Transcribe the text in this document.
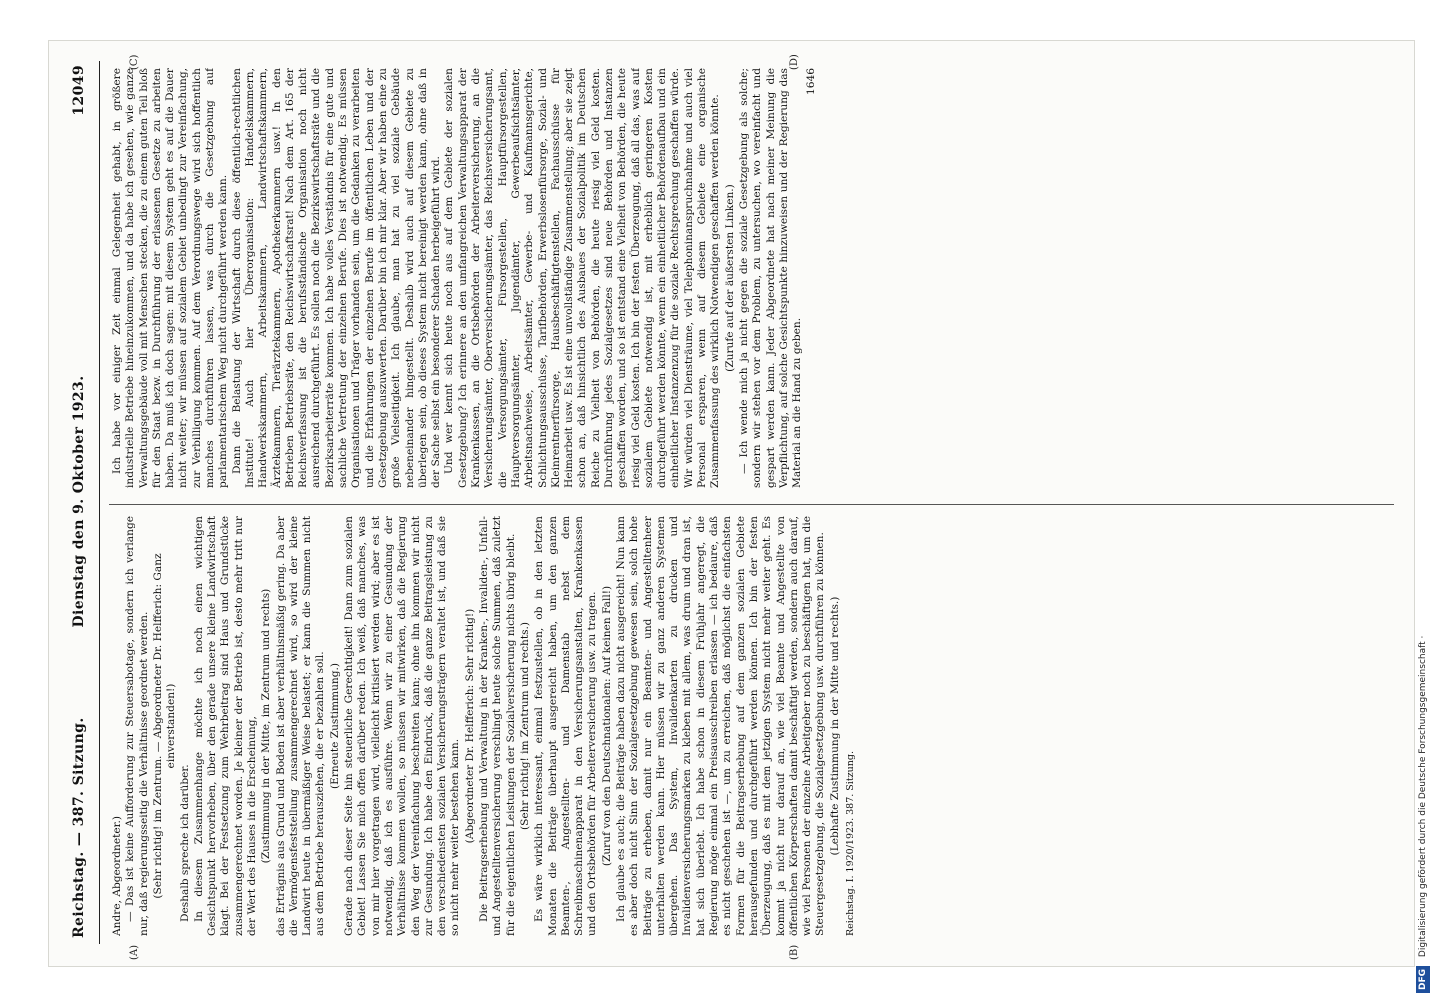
Reichstag. — 387. Sitzung.
Dienstag den 9. Oktober 1923.
12049
(A)	(B)
(C)	(D)

Andre, Abgeordneter.) — Das ist keine Aufforderung zur Steuersabotage, sondern ich verlange nur, daß regierungsseitig die Verhältnisse geordnet werden. (Sehr richtig! im Zentrum. — Abgeordneter Dr. Helfferich: Ganz einverstanden!)

Deshalb spreche ich darüber. In diesem Zusammenhange möchte ich noch einen wichtigen Gesichtspunkt hervorheben, über den gerade unsere kleine Landwirtschaft klagt. Bei der Festsetzung zum Wehrbeitrag sind Haus und Grundstücke zusammengerechnet worden. Je kleiner der Betrieb ist, desto mehr tritt nur der Wert des Hauses in die Erscheinung, (Zustimmung in der Mitte, im Zentrum und rechts) das Erträgnis aus Grund und Boden ist aber verhältnismäßig gering. Da aber die Vermögensfeststellung zusammengerechnet wird, so wird der kleine Landwirt heute in übermäßiger Weise belastet; er kann die Summen nicht aus dem Betriebe herausziehen, die er bezahlen soll. (Erneute Zustimmung.) Gerade nach dieser Seite hin steuerliche Gerechtigkeit! Dann zum sozialen Gebiet! Lassen Sie mich offen darüber reden. Ich weiß, daß manches, was von mir hier vorgetragen wird, vielleicht kritisiert werden wird; aber es ist notwendig, daß ich es ausführe. Wenn wir zu einer Gesundung der Verhältnisse kommen wollen, so müssen wir mitwirken, daß die Regierung den Weg der Vereinfachung beschreiten kann; ohne ihn kommen wir nicht zur Gesundung. Ich habe den Eindruck, daß die ganze Beitragsleistung zu den verschiedensten sozialen Versicherungsträgern veraltet ist, und daß sie so nicht mehr weiter bestehen kann. (Abgeordneter Dr. Helfferich: Sehr richtig!) Die Beitragserhebung und Verwaltung in der Kranken-, Invaliden-, Unfall- und Angestelltenversicherung verschlingt heute solche Summen, daß zuletzt für die eigentlichen Leistungen der Sozialversicherung nichts übrig bleibt. (Sehr richtig! im Zentrum und rechts.) Es wäre wirklich interessant, einmal festzustellen, ob in den letzten Monaten die Beiträge überhaupt ausgereicht haben, um den ganzen Beamten-, Angestellten- und Damenstab nebst dem Schreibmaschinenapparat in den Versicherungsanstalten, Krankenkassen und den Ortsbehörden für Arbeiterversicherung usw. zu tragen. (Zuruf von den Deutschnationalen: Auf keinen Fall!) Ich glaube es auch; die Beiträge haben dazu nicht ausgereicht! Nun kann es aber doch nicht Sinn der Sozialgesetzgebung gewesen sein, solch hohe Beiträge zu erheben, damit nur ein Beamten- und Angestelltenheer unterhalten werden kann. Hier müssen wir zu ganz anderen Systemen übergehen. Das System, Invalidenkarten zu drucken und Invalidenversicherungsmarken zu kleben mit allem, was drum und dran ist, hat sich überlebt. Ich habe schon in diesem Frühjahr angeregt, die Regierung möge einmal ein Preisausschreiben erlassen — ich bedaure, daß es nicht geschehen ist —, um zu erreichen, daß möglichst die einfachsten Formen für die Beitragserhebung auf dem ganzen sozialen Gebiete herausgefunden und durchgeführt werden können. Ich bin der festen Überzeugung, daß es mit dem jetzigen System nicht mehr weiter geht. Es kommt ja nicht nur darauf an, wie viel Beamte und Angestellte von öffentlichen Körperschaften damit beschäftigt werden, sondern auch darauf, wie viel Personen der einzelne Arbeitgeber noch zu beschäftigen hat, um die Steuergesetzgebung, die Sozialgesetzgebung usw. durchführen zu können. (Lebhafte Zustimmung in der Mitte und rechts.) Reichstag. I. 1920/1923. 387. Sitzung.

Ich habe vor einiger Zeit einmal Gelegenheit gehabt, in größere industrielle Betriebe hineinzukommen, und da habe ich gesehen, wie ganze Verwaltungsgebäude voll mit Menschen stecken, die zu einem guten Teil bloß für den Staat bezw. in Durchführung der erlassenen Gesetze zu arbeiten haben. Da muß ich doch sagen: mit diesem System geht es auf die Dauer nicht weiter; wir müssen auf sozialem Gebiet unbedingt zur Vereinfachung, zur Verbilligung kommen. Auf dem Verordnungswege wird sich hoffentlich manches durchführen lassen, was durch die Gesetzgebung auf parlamentarischem Weg nicht durchgeführt werden kann. Dann die Belastung der Wirtschaft durch diese öffentlich-rechtlichen Institute! Auch hier Überorganisation: Handelskammern, Handwerkskammern, Arbeitskammern, Landwirtschaftskammern, Ärztekammern, Tierärztekammern, Apothekerkammern usw.! In den Betrieben Betriebsräte, den Reichswirtschaftsrat! Nach dem Art. 165 der Reichsverfassung ist die berufsständische Organisation noch nicht ausreichend durchgeführt. Es sollen noch die Bezirkswirtschaftsräte und die Bezirksarbeiterräte kommen. Ich habe volles Verständnis für eine gute und sachliche Vertretung der einzelnen Berufe. Dies ist notwendig. Es müssen Organisationen und Träger vorhanden sein, um die Gedanken zu verarbeiten und die Erfahrungen der einzelnen Berufe im öffentlichen Leben und der Gesetzgebung auszuwerten. Darüber bin ich mir klar. Aber wir haben eine zu große Vielseitigkeit. Ich glaube, man hat zu viel soziale Gebäude nebeneinander hingestellt. Deshalb wird auch auf diesem Gebiete zu überlegen sein, ob dieses System nicht bereinigt werden kann, ohne daß in der Sache selbst ein besonderer Schaden herbeigeführt wird. Und wer kennt sich heute noch aus auf dem Gebiete der sozialen Gesetzgebung? Ich erinnere an den umfangreichen Verwaltungsapparat der Krankenkassen, an die Ortsbehörden der Arbeiterversicherung, an die Versicherungsämter, Oberversicherungsämter, das Reichsversicherungsamt, die Versorgungsämter, Fürsorgestellen, Hauptfürsorgestellen, Hauptversorgungsämter, Jugendämter, Gewerbeaufsichtsämter, Arbeitsnachweise, Arbeitsämter, Gewerbe- und Kaufmannsgerichte, Schlichtungsausschüsse, Tarifbehörden, Erwerbslosenfürsorge, Sozial- und Kleinrentnerfürsorge, Hausbeschäftigtenstellen, Fachausschüsse für Heimarbeit usw. Es ist eine unvollständige Zusammenstellung; aber sie zeigt schon an, daß hinsichtlich des Ausbaues der Sozialpolitik im Deutschen Reiche zu Vielheit von Behörden, die heute riesig viel Geld kosten. Durchführung jedes Sozialgesetzes sind neue Behörden und Instanzen geschaffen worden, und so ist entstand eine Vielheit von Behörden, die heute riesig viel Geld kosten. Ich bin der festen Überzeugung, daß all das, was auf sozialem Gebiete notwendig ist, mit erheblich geringeren Kosten durchgeführt werden könnte, wenn ein einheitlicher Behördenaufbau und ein einheitlicher Instanzenzug für die soziale Rechtsprechung geschaffen würde. Wir würden viel Diensträume, viel Telephoninanspruchnahme und auch viel Personal ersparen, wenn auf diesem Gebiete eine organische Zusammenfassung des wirklich Notwendigen geschaffen werden könnte. (Zurufe auf der äußersten Linken.) — Ich wende mich ja nicht gegen die soziale Gesetzgebung als solche; sondern wir stehen vor dem Problem, zu untersuchen, wo vereinfacht und gespart werden kann. Jeder Abgeordnete hat nach meiner Meinung die Verpflichtung, auf solche Gesichtspunkte hinzuweisen und der Regierung das Material an die Hand zu geben.

1646

DFG Digitalisierung gefördert durch die Deutsche Forschungsgemeinschaft ·
